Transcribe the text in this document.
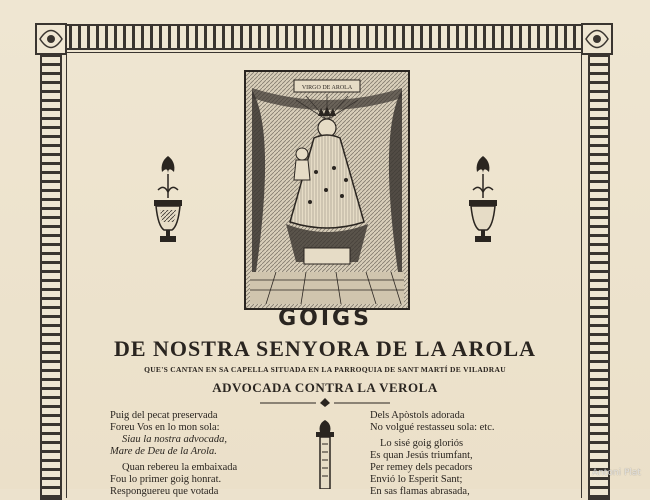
VIRGO DE AROLA
GOIGS
DE NOSTRA SENYORA DE LA AROLA
QUE'S CANTAN EN SA CAPELLA SITUADA EN LA PARROQUIA DE SANT MARTÍ DE VILADRAU
ADVOCADA CONTRA LA VEROLA
Puig del pecat preservada
Foreu Vos en lo mon sola:
Siau la nostra advocada,
Mare de Deu de la Arola.
Quan rebereu la embaixada
Fou lo primer goig honrat.
Responguereu que votada
Dels Apòstols adorada
No volgué restasseu sola: etc.
Lo sisé goig gloriós
Es quan Jesús triumfant,
Per remey dels pecadors
Envió lo Esperit Sant;
En sas flamas abrasada,
Antoni Plat
